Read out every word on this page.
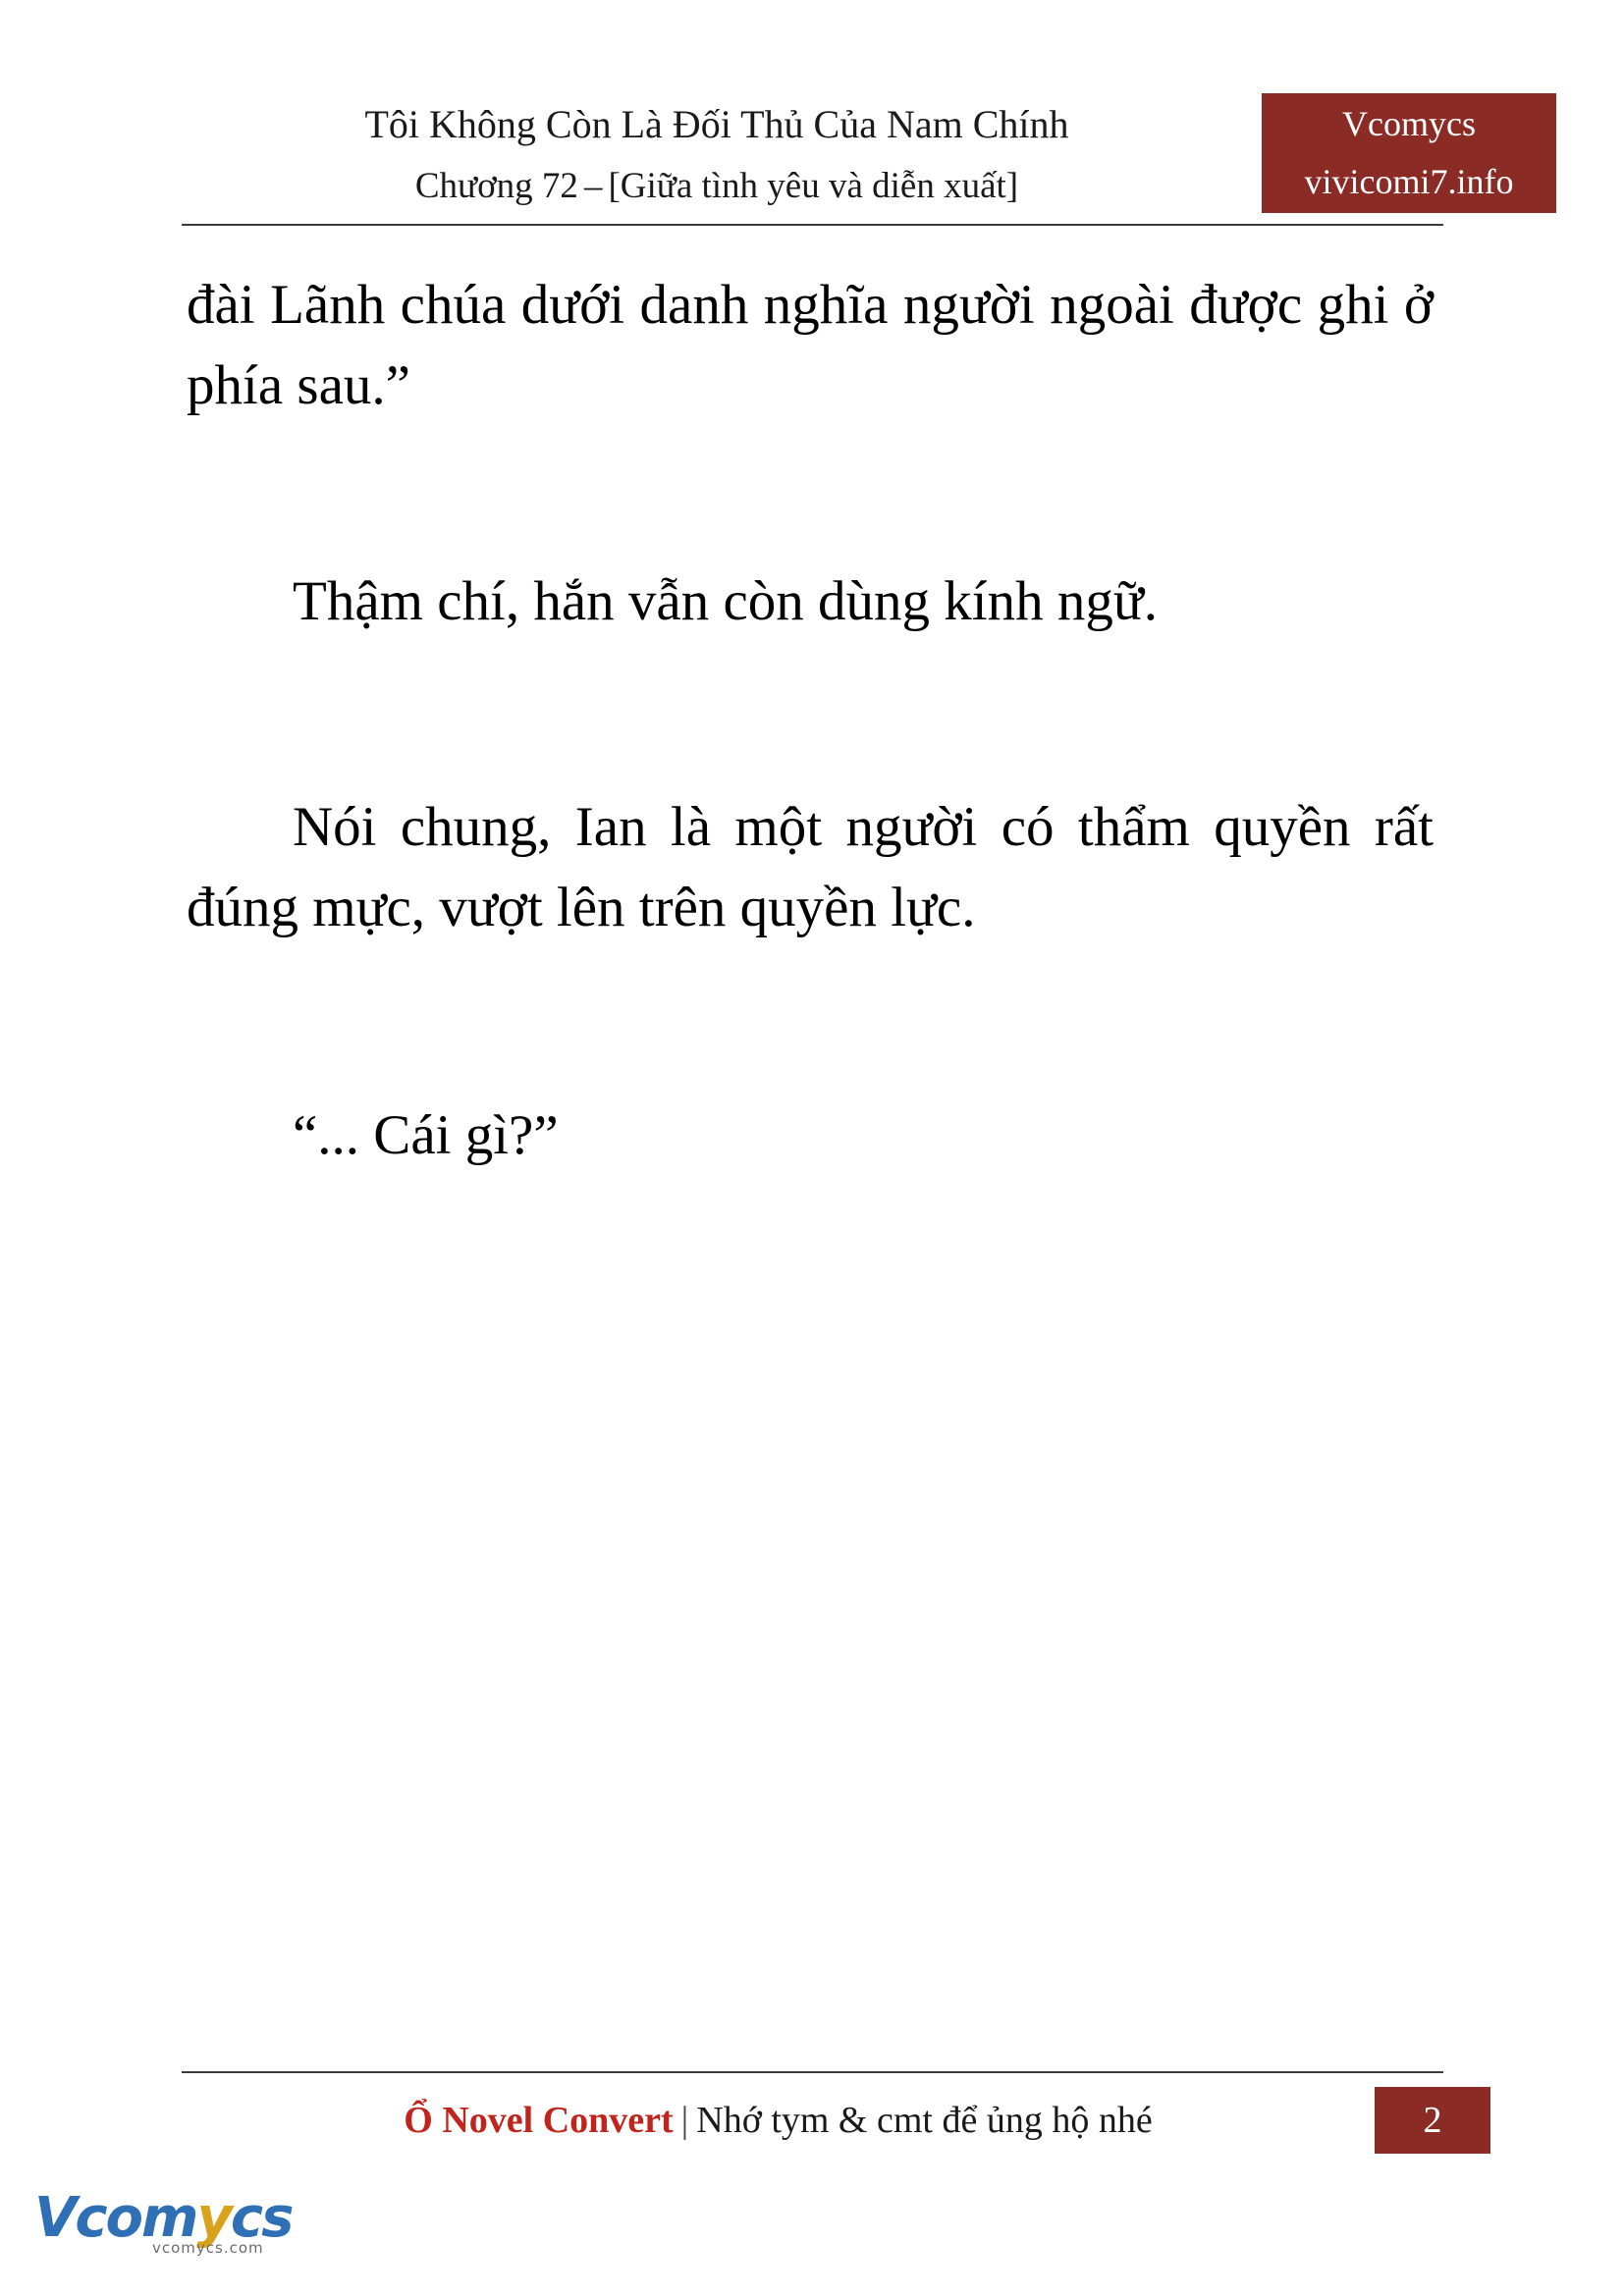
Tôi Không Còn Là Đối Thủ Của Nam Chính
Chương 72 – [Giữa tình yêu và diễn xuất]
Vcomycs
vivicomi7.info

đài Lãnh chúa dưới danh nghĩa người ngoài được ghi ở phía sau.”

Thậm chí, hắn vẫn còn dùng kính ngữ.

Nói chung, Ian là một người có thẩm quyền rất đúng mực, vượt lên trên quyền lực.

“... Cái gì?”

Ổ Novel Convert | Nhớ tym & cmt để ủng hộ nhé	2
Vcomycs
vcomycs.com
